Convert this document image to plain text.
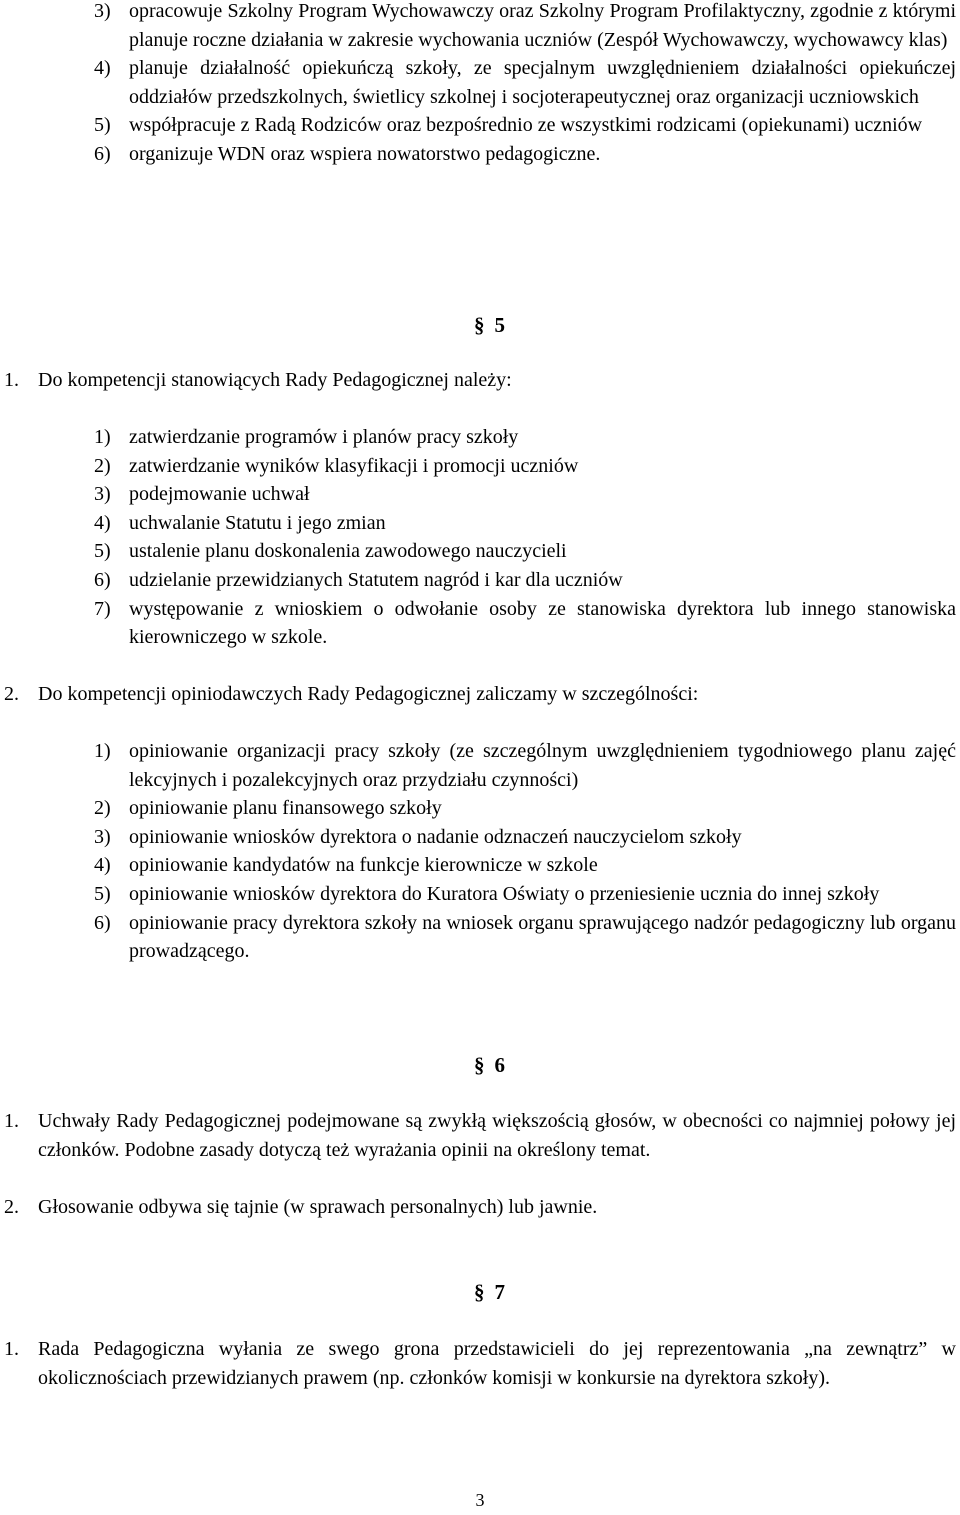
3) opracowuje Szkolny Program Wychowawczy oraz Szkolny Program Profilaktyczny, zgodnie z którymi planuje roczne działania w zakresie wychowania uczniów (Zespół Wychowawczy, wychowawcy klas)
4) planuje działalność opiekuńczą szkoły, ze specjalnym uwzględnieniem działalności opiekuńczej oddziałów przedszkolnych, świetlicy szkolnej i socjoterapeutycznej oraz organizacji uczniowskich
5) współpracuje z Radą Rodziców oraz bezpośrednio ze wszystkimi rodzicami (opiekunami) uczniów
6) organizuje WDN oraz wspiera nowatorstwo pedagogiczne.
§ 5
1. Do kompetencji stanowiących Rady Pedagogicznej należy:
1) zatwierdzanie programów i planów pracy szkoły
2) zatwierdzanie wyników klasyfikacji i promocji uczniów
3) podejmowanie uchwał
4) uchwalanie Statutu i jego zmian
5) ustalenie planu doskonalenia zawodowego nauczycieli
6) udzielanie przewidzianych Statutem nagród i kar dla uczniów
7) występowanie z wnioskiem o odwołanie osoby ze stanowiska dyrektora lub innego stanowiska kierowniczego w szkole.
2. Do kompetencji opiniodawczych Rady Pedagogicznej zaliczamy w szczególności:
1) opiniowanie organizacji pracy szkoły (ze szczególnym uwzględnieniem tygodniowego planu zajęć lekcyjnych i pozalekcyjnych oraz przydziału czynności)
2) opiniowanie planu finansowego szkoły
3) opiniowanie wniosków dyrektora o nadanie odznaczeń nauczycielom szkoły
4) opiniowanie kandydatów na funkcje kierownicze w szkole
5) opiniowanie wniosków dyrektora do Kuratora Oświaty o przeniesienie ucznia do innej szkoły
6) opiniowanie pracy dyrektora szkoły na wniosek organu sprawującego nadzór pedagogiczny lub organu prowadzącego.
§ 6
1. Uchwały Rady Pedagogicznej podejmowane są zwykłą większością głosów, w obecności co najmniej połowy jej członków. Podobne zasady dotyczą też wyrażania opinii na określony temat.
2. Głosowanie odbywa się tajnie (w sprawach personalnych) lub jawnie.
§ 7
1. Rada Pedagogiczna wyłania ze swego grona przedstawicieli do jej reprezentowania „na zewnątrz” w okolicznościach przewidzianych prawem (np. członków komisji w konkursie na dyrektora szkoły).
3
